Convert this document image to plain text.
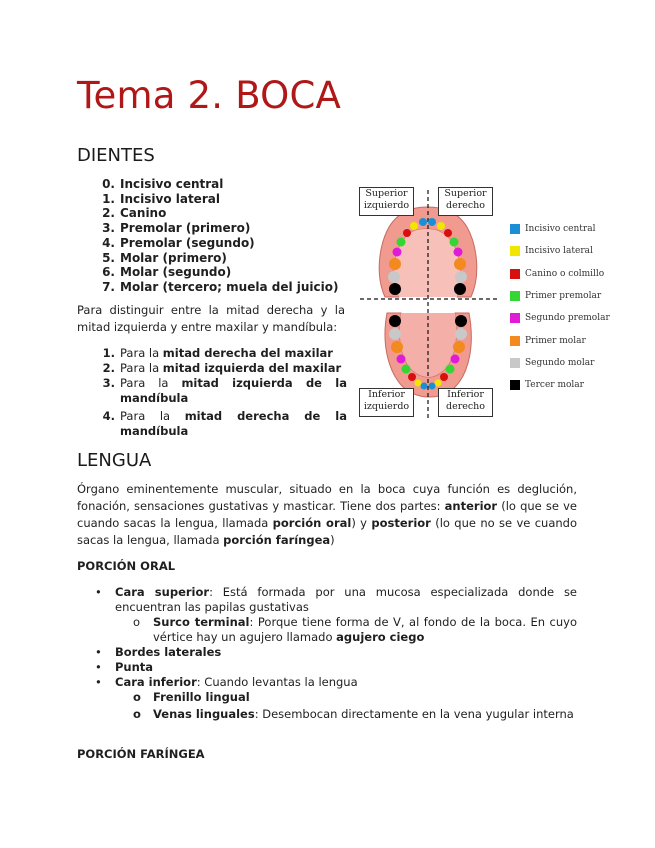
Tema 2. BOCA
DIENTES
0. Incisivo central
1. Incisivo lateral
2. Canino
3. Premolar (primero)
4. Premolar (segundo)
5. Molar (primero)
6. Molar (segundo)
7. Molar (tercero; muela del juicio)

Para distinguir entre la mitad derecha y la mitad izquierda y entre maxilar y mandíbula:

1. Para la mitad derecha del maxilar
2. Para la mitad izquierda del maxilar
3. Para la mitad izquierda de la mandíbula
4. Para la mitad derecha de la mandíbula
Superior
izquierdo
Superior
derecho
Inferior
izquierdo
Inferior
derecho
Incisivo central
Incisivo lateral
Canino o colmillo
Primer premolar
Segundo premolar
Primer molar
Segundo molar
Tercer molar
LENGUA

Órgano eminentemente muscular, situado en la boca cuya función es deglución, fonación, sensaciones gustativas y masticar. Tiene dos partes: anterior (lo que se ve cuando sacas la lengua, llamada porción oral) y posterior (lo que no se ve cuando sacas la lengua, llamada porción faríngea)

PORCIÓN ORAL

•	Cara superior: Está formada por una mucosa especializada donde se encuentran las papilas gustativas
o	Surco terminal: Porque tiene forma de V, al fondo de la boca. En cuyo vértice hay un agujero llamado agujero ciego
•	Bordes laterales
•	Punta
•	Cara inferior: Cuando levantas la lengua
o	Frenillo lingual
o	Venas linguales: Desembocan directamente en la vena yugular interna

PORCIÓN FARÍNGEA
